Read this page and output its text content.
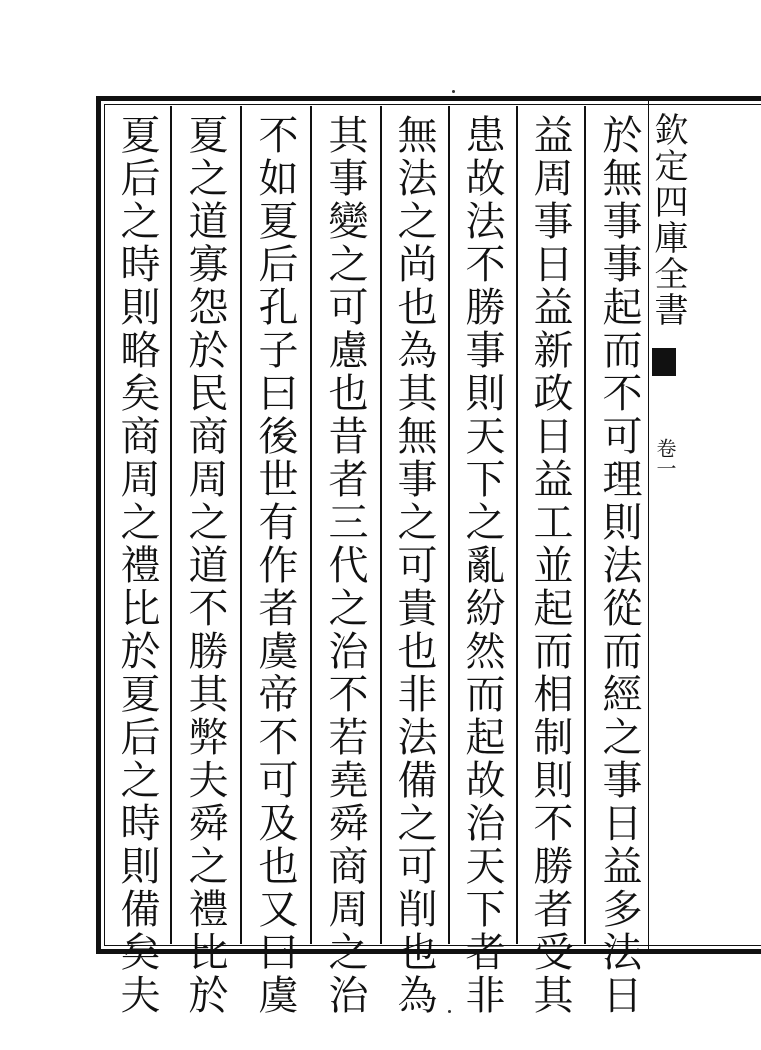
於無事事起而不可理則法從而經之事日益多法日
益周事日益新政日益工並起而相制則不勝者受其
患故法不勝事則天下之亂紛然而起故治天下者非
無法之尚也為其無事之可貴也非法備之可削也為
其事變之可慮也昔者三代之治不若堯舜商周之治
不如夏后孔子曰後世有作者虞帝不可及也又曰虞
夏之道寡怨於民商周之道不勝其弊夫舜之禮比於
夏后之時則略矣商周之禮比於夏后之時則備矣夫	欽定四庫全書
卷一
